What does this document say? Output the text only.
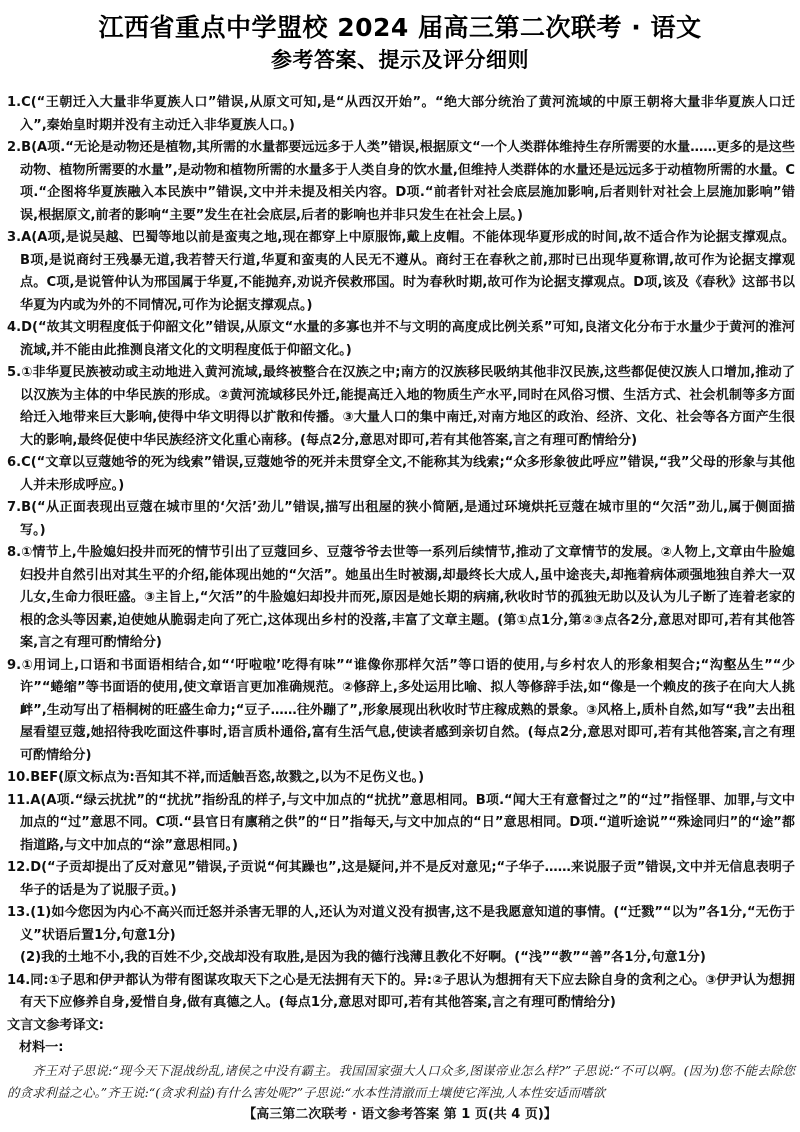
江西省重点中学盟校 2024 届高三第二次联考 · 语文
参考答案、提示及评分细则

1.C(“王朝迁入大量非华夏族人口”错误,从原文可知,是“从西汉开始”。“绝大部分统治了黄河流域的中原王朝将大量非华夏族人口迁入”,秦始皇时期并没有主动迁入非华夏族人口。)

2.B(A项.“无论是动物还是植物,其所需的水量都要远远多于人类”错误,根据原文“一个人类群体维持生存所需要的水量……更多的是这些动物、植物所需要的水量”,是动物和植物所需的水量多于人类自身的饮水量,但维持人类群体的水量还是远远多于动植物所需的水量。C项.“企图将华夏族融入本民族中”错误,文中并未提及相关内容。D项.“前者针对社会底层施加影响,后者则针对社会上层施加影响”错误,根据原文,前者的影响“主要”发生在社会底层,后者的影响也并非只发生在社会上层。)

3.A(A项,是说吴越、巴蜀等地以前是蛮夷之地,现在都穿上中原服饰,戴上皮帽。不能体现华夏形成的时间,故不适合作为论据支撑观点。B项,是说商纣王残暴无道,我若替天行道,华夏和蛮夷的人民无不遵从。商纣王在春秋之前,那时已出现华夏称谓,故可作为论据支撑观点。C项,是说管仲认为邢国属于华夏,不能抛弃,劝说齐侯救邢国。时为春秋时期,故可作为论据支撑观点。D项,该及《春秋》这部书以华夏为内或为外的不同情况,可作为论据支撑观点。)

4.D(“故其文明程度低于仰韶文化”错误,从原文“水量的多寡也并不与文明的高度成比例关系”可知,良渚文化分布于水量少于黄河的淮河流域,并不能由此推测良渚文化的文明程度低于仰韶文化。)

5.①非华夏民族被动或主动地进入黄河流域,最终被整合在汉族之中;南方的汉族移民吸纳其他非汉民族,这些都促使汉族人口增加,推动了以汉族为主体的中华民族的形成。②黄河流域移民外迁,能提高迁入地的物质生产水平,同时在风俗习惯、生活方式、社会机制等多方面给迁入地带来巨大影响,使得中华文明得以扩散和传播。③大量人口的集中南迁,对南方地区的政治、经济、文化、社会等各方面产生很大的影响,最终促使中华民族经济文化重心南移。(每点2分,意思对即可,若有其他答案,言之有理可酌情给分)

6.C(“文章以豆蔻她爷的死为线索”错误,豆蔻她爷的死并未贯穿全文,不能称其为线索;“众多形象彼此呼应”错误,“我”父母的形象与其他人并未形成呼应。)

7.B(“从正面表现出豆蔻在城市里的‘欠活’劲儿”错误,描写出租屋的狭小简陋,是通过环境烘托豆蔻在城市里的“欠活”劲儿,属于侧面描写。)

8.①情节上,牛脸媳妇投井而死的情节引出了豆蔻回乡、豆蔻爷爷去世等一系列后续情节,推动了文章情节的发展。②人物上,文章由牛脸媳妇投井自然引出对其生平的介绍,能体现出她的“欠活”。她虽出生时被溺,却最终长大成人,虽中途丧夫,却拖着病体顽强地独自养大一双儿女,生命力很旺盛。③主旨上,“欠活”的牛脸媳妇却投井而死,原因是她长期的病痛,秋收时节的孤独无助以及认为儿子断了连着老家的根的念头等因素,迫使她从脆弱走向了死亡,这体现出乡村的没落,丰富了文章主题。(第①点1分,第②③点各2分,意思对即可,若有其他答案,言之有理可酌情给分)

9.①用词上,口语和书面语相结合,如“‘吁啦啦’吃得有味”“谁像你那样欠活”等口语的使用,与乡村农人的形象相契合;“沟壑丛生”“少许”“蜷缩”等书面语的使用,使文章语言更加准确规范。②修辞上,多处运用比喻、拟人等修辞手法,如“像是一个赖皮的孩子在向大人挑衅”,生动写出了梧桐树的旺盛生命力;“豆子……往外蹦了”,形象展现出秋收时节庄稼成熟的景象。③风格上,质朴自然,如写“我”去出租屋看望豆蔻,她招待我吃面这件事时,语言质朴通俗,富有生活气息,使读者感到亲切自然。(每点2分,意思对即可,若有其他答案,言之有理可酌情给分)

10.BEF(原文标点为:吾知其不祥,而适触吾恣,故戮之,以为不足伤义也。)

11.A(A项.“绿云扰扰”的“扰扰”指纷乱的样子,与文中加点的“扰扰”意思相同。B项.“闻大王有意督过之”的“过”指怪罪、加罪,与文中加点的“过”意思不同。C项.“县官日有廪稍之供”的“日”指每天,与文中加点的“日”意思相同。D项.“道听途说”“殊途同归”的“途”都指道路,与文中加点的“涂”意思相同。)

12.D(“子贡却提出了反对意见”错误,子贡说“何其躁也”,这是疑问,并不是反对意见;“子华子……来说服子贡”错误,文中并无信息表明子华子的话是为了说服子贡。)

13.(1)如今您因为内心不高兴而迁怒并杀害无罪的人,还认为对道义没有损害,这不是我愿意知道的事情。(“迁戮”“以为”各1分,“无伤于义”状语后置1分,句意1分)

(2)我的土地不小,我的百姓不少,交战却没有取胜,是因为我的德行浅薄且教化不好啊。(“浅”“教”“善”各1分,句意1分)

14.同:①子思和伊尹都认为带有图谋攻取天下之心是无法拥有天下的。异:②子思认为想拥有天下应去除自身的贪利之心。③伊尹认为想拥有天下应修养自身,爱惜自身,做有真德之人。(每点1分,意思对即可,若有其他答案,言之有理可酌情给分)

文言文参考译文:

材料一:

齐王对子思说:“现今天下混战纷乱,诸侯之中没有霸主。我国国家强大人口众多,图谋帝业怎么样?”子思说:“不可以啊。(因为)您不能去除您的贪求利益之心。”齐王说:“(贪求利益)有什么害处呢?”子思说:“水本性清澈而土壤使它浑浊,人本性安适而嗜欲

【高三第二次联考 · 语文参考答案 第 1 页(共 4 页)】
